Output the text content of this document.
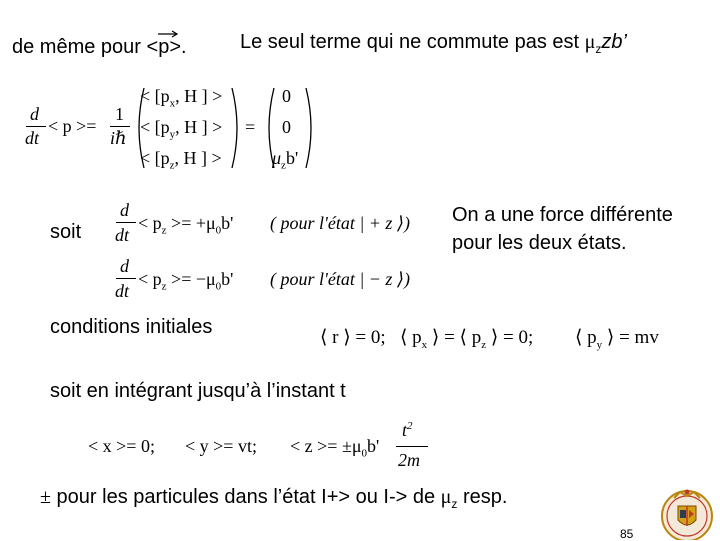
de même pour <
p>.	Le seul terme qui ne commute pas est $\mu_zzb$’
d
dt
< p >=
1
iℏ
< [$p_x$, H ] >
< [$p_y$, H ] >
< [$p_z$, H ] >
=
0
0
$\mu_zb'$
soit
d
dt
< $p_z >= +\mu_0b'$ ( pour l'état | + z ⟩)
d
dt
< $p_z >= -\mu_0b'$ ( pour l'état | − z ⟩)
On a une force différente
pour les deux états.
conditions initiales	⟨ r ⟩ = 0; ⟨ $p_x$ ⟩ = ⟨ $p_z$ ⟩ = 0; ⟨ $p_y$ ⟩ = mv
soit en intégrant jusqu’à l’instant t
< x >= 0; < y >= vt; < $z >= \pm\mu_0b'$
$t^2$
2m
± pour les particules dans l’état I+> ou I-> de $\mu_z$ resp.
85
